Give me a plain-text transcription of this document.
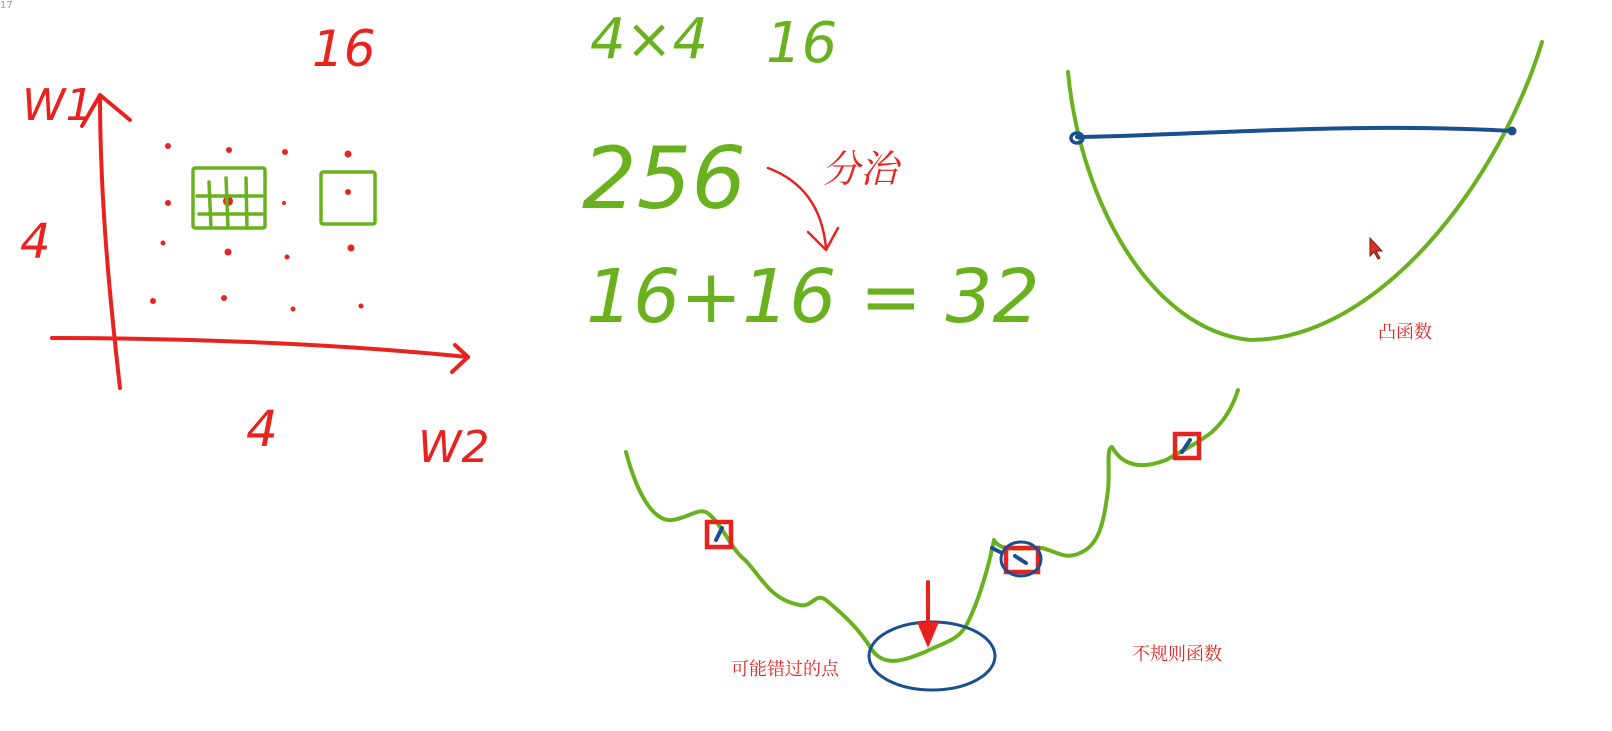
17
W1
W2
16
4
4
4×4 16
256
16+16 = 32
分治
凸函数
可能错过的点
不规则函数
